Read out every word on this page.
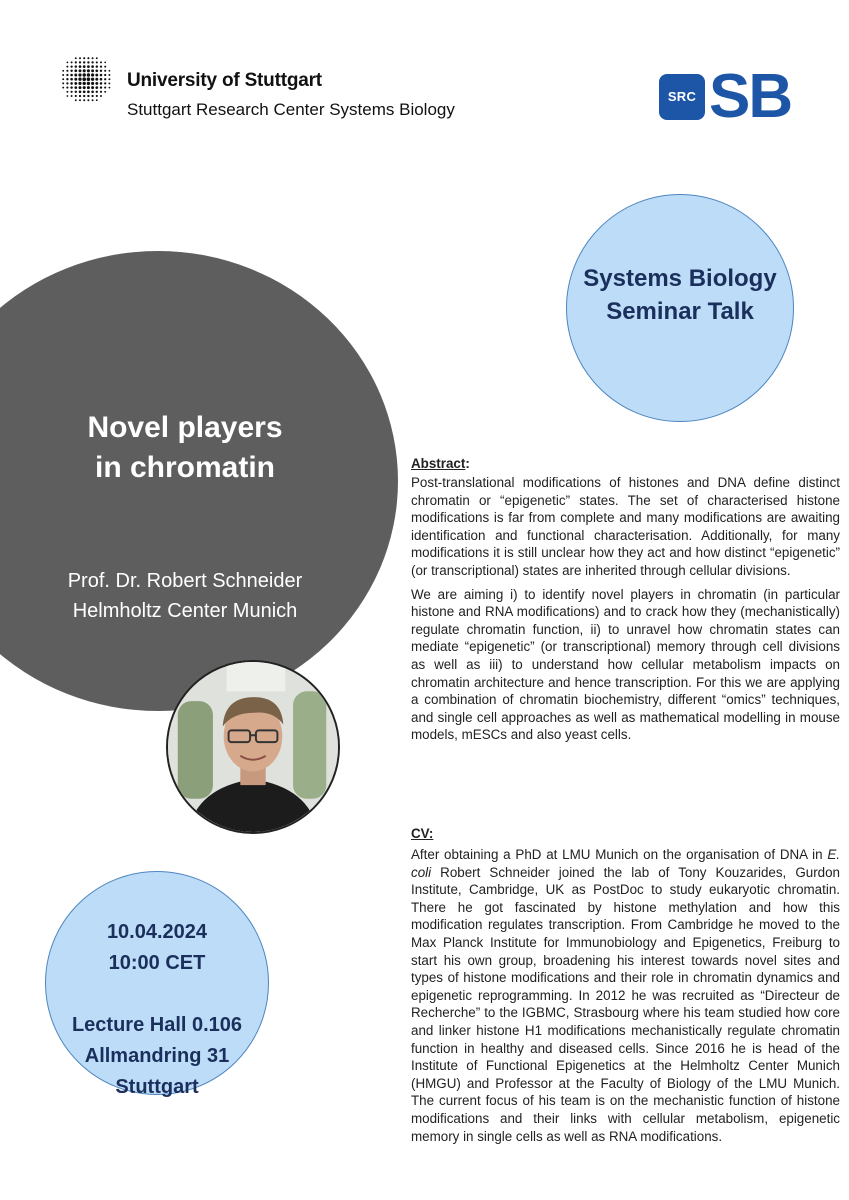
University of Stuttgart
Stuttgart Research Center Systems Biology
SRC SB
Systems Biology
Seminar Talk
Novel players
in chromatin
Prof. Dr. Robert Schneider
Helmholtz Center Munich
10.04.2024
10:00 CET
Lecture Hall 0.106
Allmandring 31
Stuttgart
Abstract:

Post-translational modifications of histones and DNA define distinct chromatin or “epigenetic” states. The set of characterised histone modifications is far from complete and many modifications are awaiting identification and functional characterisation. Additionally, for many modifications it is still unclear how they act and how distinct “epigenetic” (or transcriptional) states are inherited through cellular divisions.

We are aiming i) to identify novel players in chromatin (in particular histone and RNA modifications) and to crack how they (mechanistically) regulate chromatin function, ii) to unravel how chromatin states can mediate “epigenetic” (or transcriptional) memory through cell divisions as well as iii) to understand how cellular metabolism impacts on chromatin architecture and hence transcription. For this we are applying a combination of chromatin biochemistry, different “omics” techniques, and single cell approaches as well as mathematical modelling in mouse models, mESCs and also yeast cells.

CV:

After obtaining a PhD at LMU Munich on the organisation of DNA in E. coli Robert Schneider joined the lab of Tony Kouzarides, Gurdon Institute, Cambridge, UK as PostDoc to study eukaryotic chromatin. There he got fascinated by histone methylation and how this modification regulates transcription. From Cambridge he moved to the Max Planck Institute for Immunobiology and Epigenetics, Freiburg to start his own group, broadening his interest towards novel sites and types of histone modifications and their role in chromatin dynamics and epigenetic reprogramming. In 2012 he was recruited as “Directeur de Recherche” to the IGBMC, Strasbourg where his team studied how core and linker histone H1 modifications mechanistically regulate chromatin function in healthy and diseased cells. Since 2016 he is head of the Institute of Functional Epigenetics at the Helmholtz Center Munich (HMGU) and Professor at the Faculty of Biology of the LMU Munich. The current focus of his team is on the mechanistic function of histone modifications and their links with cellular metabolism, epigenetic memory in single cells as well as RNA modifications.
